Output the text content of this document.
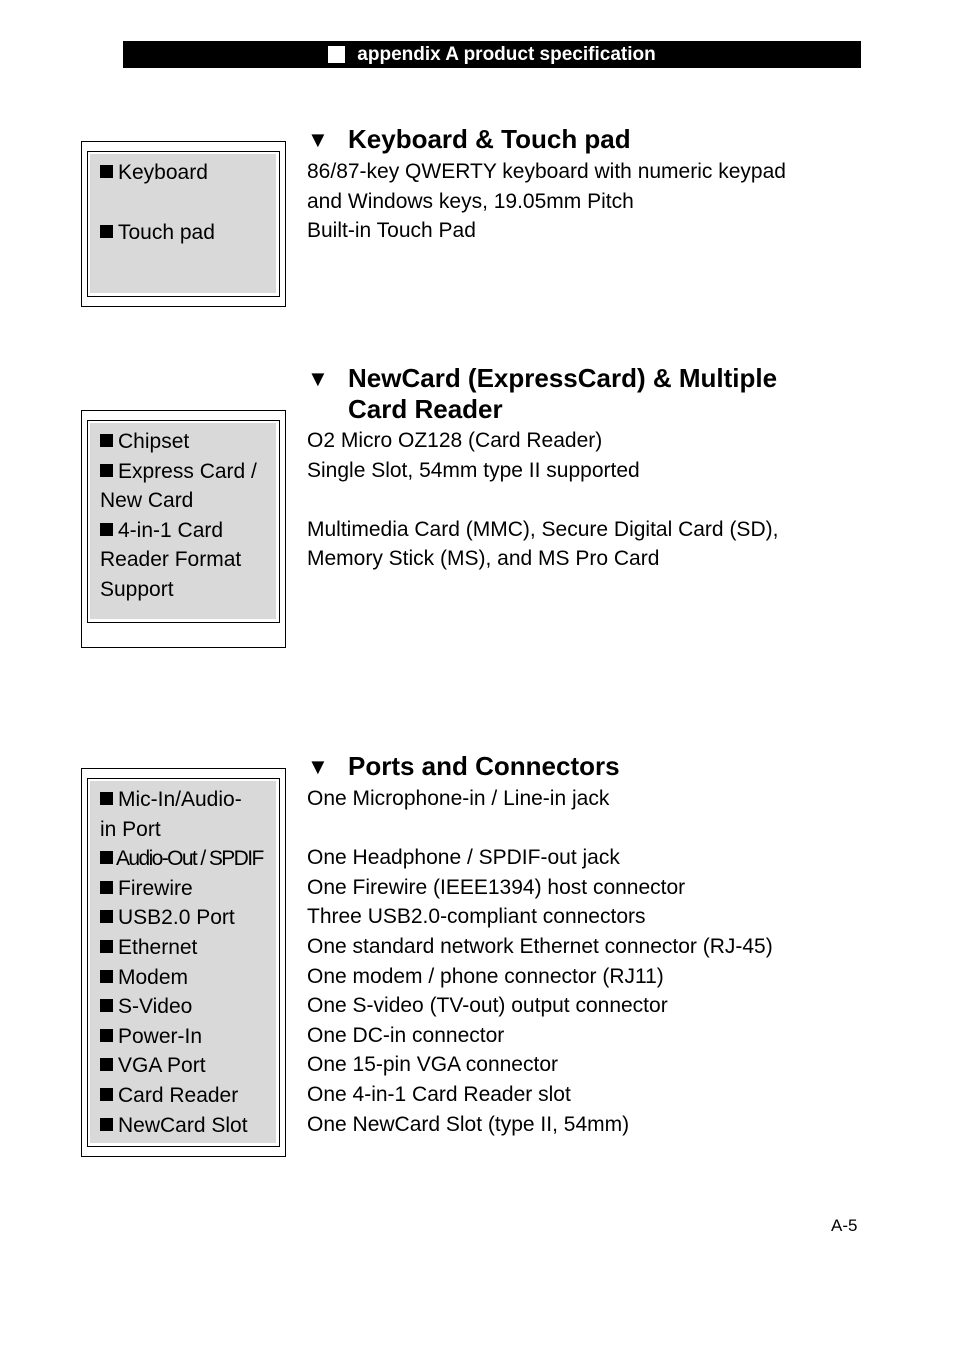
appendix A product specification
Keyboard
Touch pad
▼ Keyboard & Touch pad
86/87-key QWERTY keyboard with numeric keypad
and Windows keys, 19.05mm Pitch
Built-in Touch Pad
Chipset
Express Card /
New Card
4-in-1 Card
Reader Format
Support
▼ NewCard (ExpressCard) & Multiple
Card Reader
O2 Micro OZ128 (Card Reader)
Single Slot, 54mm type II supported
Multimedia Card (MMC), Secure Digital Card (SD),
Memory Stick (MS), and MS Pro Card
Mic-In/Audio-
in Port
Audio-Out / SPDIF
Firewire
USB2.0 Port
Ethernet
Modem
S-Video
Power-In
VGA Port
Card Reader
NewCard Slot
▼ Ports and Connectors
One Microphone-in / Line-in jack
One Headphone / SPDIF-out jack
One Firewire (IEEE1394) host connector
Three USB2.0-compliant connectors
One standard network Ethernet connector (RJ-45)
One modem / phone connector (RJ11)
One S-video (TV-out) output connector
One DC-in connector
One 15-pin VGA connector
One 4-in-1 Card Reader slot
One NewCard Slot (type II, 54mm)
A-5
